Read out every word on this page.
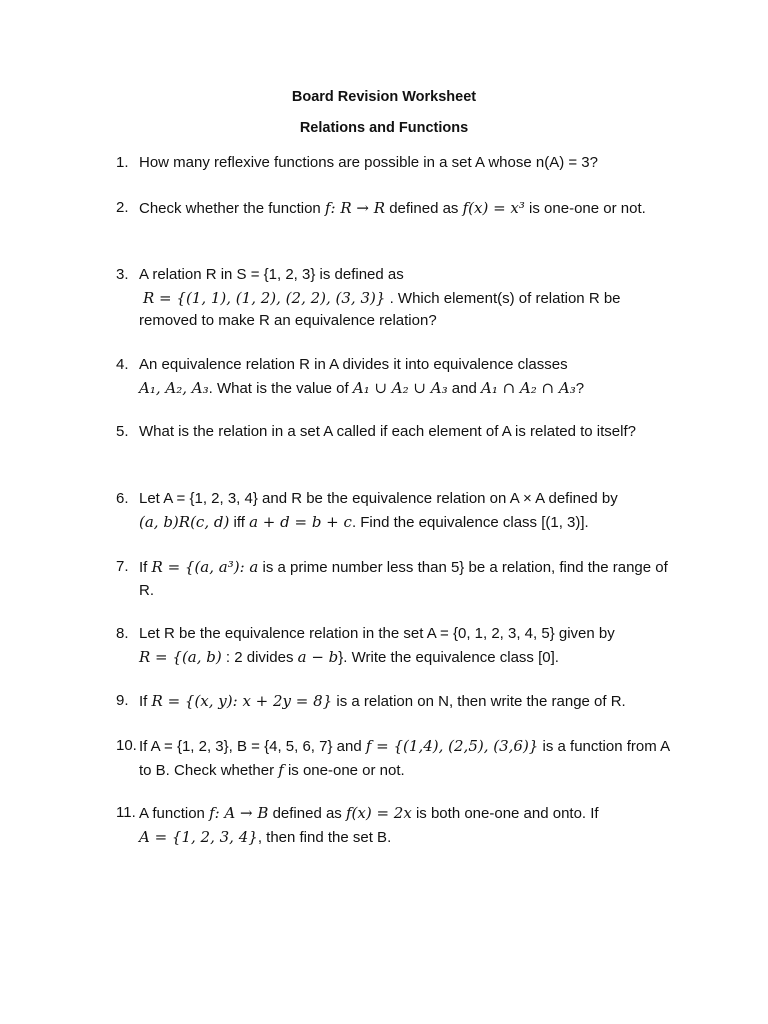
Board Revision Worksheet
Relations and Functions
1. How many reflexive functions are possible in a set A whose n(A) = 3?
2. Check whether the function f: R → R defined as f(x) = x³ is one-one or not.
3. A relation R in S = {1, 2, 3} is defined as
R = {(1, 1), (1, 2), (2, 2), (3, 3)} . Which element(s) of relation R be removed to make R an equivalence relation?
4. An equivalence relation R in A divides it into equivalence classes
A₁, A₂, A₃. What is the value of A₁ ∪ A₂ ∪ A₃ and A₁ ∩ A₂ ∩ A₃?
5. What is the relation in a set A called if each element of A is related to itself?
6. Let A = {1, 2, 3, 4} and R be the equivalence relation on A × A defined by
(a, b)R(c, d) iff a + d = b + c. Find the equivalence class [(1, 3)].
7. If R = {(a, a³): a is a prime number less than 5} be a relation, find the range of R.
8. Let R be the equivalence relation in the set A = {0, 1, 2, 3, 4, 5} given by
R = {(a, b) : 2 divides a − b}. Write the equivalence class [0].
9. If R = {(x, y): x + 2y = 8} is a relation on N, then write the range of R.
10. If A = {1, 2, 3}, B = {4, 5, 6, 7} and f = {(1,4), (2,5), (3,6)} is a function from A to B. Check whether f is one-one or not.
11. A function f: A → B defined as f(x) = 2x is both one-one and onto. If
A = {1, 2, 3, 4}, then find the set B.
